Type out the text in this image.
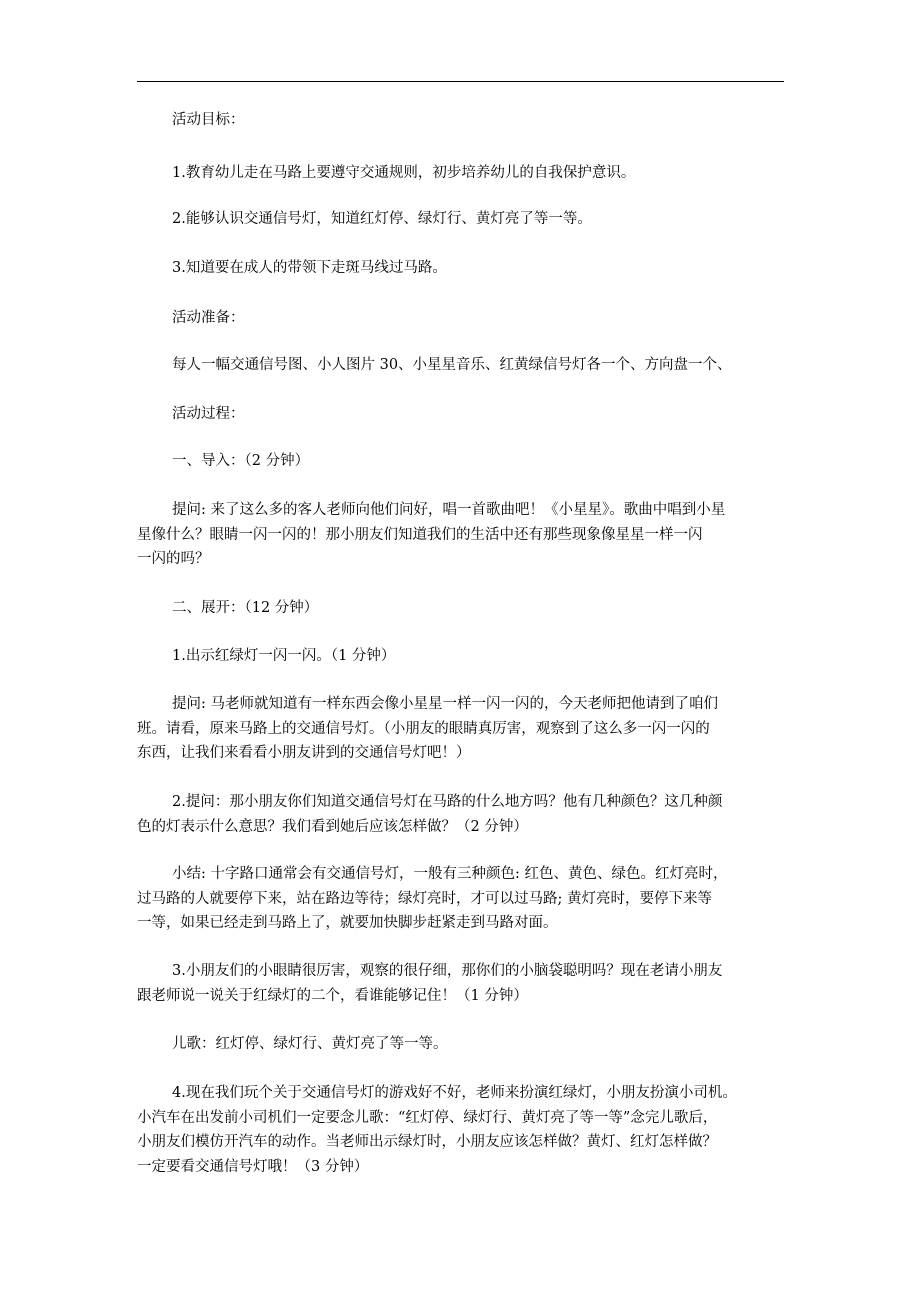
活动目标：

1.教育幼儿走在马路上要遵守交通规则，初步培养幼儿的自我保护意识。

2.能够认识交通信号灯，知道红灯停、绿灯行、黄灯亮了等一等。

3.知道要在成人的带领下走斑马线过马路。

活动准备：

每人一幅交通信号图、小人图片 30、小星星音乐、红黄绿信号灯各一个、方向盘一个、

活动过程：

一、导入：（2 分钟）

提问: 来了这么多的客人老师向他们问好，唱一首歌曲吧！《小星星》。歌曲中唱到小星
星像什么？眼睛一闪一闪的！那小朋友们知道我们的生活中还有那些现象像星星一样一闪
一闪的吗？

二、展开：（12 分钟）

1.出示红绿灯一闪一闪。（1 分钟）

提问: 马老师就知道有一样东西会像小星星一样一闪一闪的，今天老师把他请到了咱们
班。请看，原来马路上的交通信号灯。（小朋友的眼睛真厉害，观察到了这么多一闪一闪的
东西，让我们来看看小朋友讲到的交通信号灯吧！）
2.提问：那小朋友你们知道交通信号灯在马路的什么地方吗？他有几种颜色？这几种颜
色的灯表示什么意思？我们看到她后应该怎样做？（2 分钟）
小结: 十字路口通常会有交通信号灯，一般有三种颜色: 红色、黄色、绿色。红灯亮时，
过马路的人就要停下来，站在路边等待；绿灯亮时，才可以过马路; 黄灯亮时，要停下来等
一等，如果已经走到马路上了，就要加快脚步赶紧走到马路对面。
3.小朋友们的小眼睛很厉害，观察的很仔细，那你们的小脑袋聪明吗？现在老请小朋友
跟老师说一说关于红绿灯的二个，看谁能够记住！（1 分钟）

儿歌：红灯停、绿灯行、黄灯亮了等一等。

4.现在我们玩个关于交通信号灯的游戏好不好，老师来扮演红绿灯，小朋友扮演小司机。
小汽车在出发前小司机们一定要念儿歌：“红灯停、绿灯行、黄灯亮了等一等”念完儿歌后，
小朋友们模仿开汽车的动作。当老师出示绿灯时，小朋友应该怎样做？黄灯、红灯怎样做？
一定要看交通信号灯哦！（3 分钟）
